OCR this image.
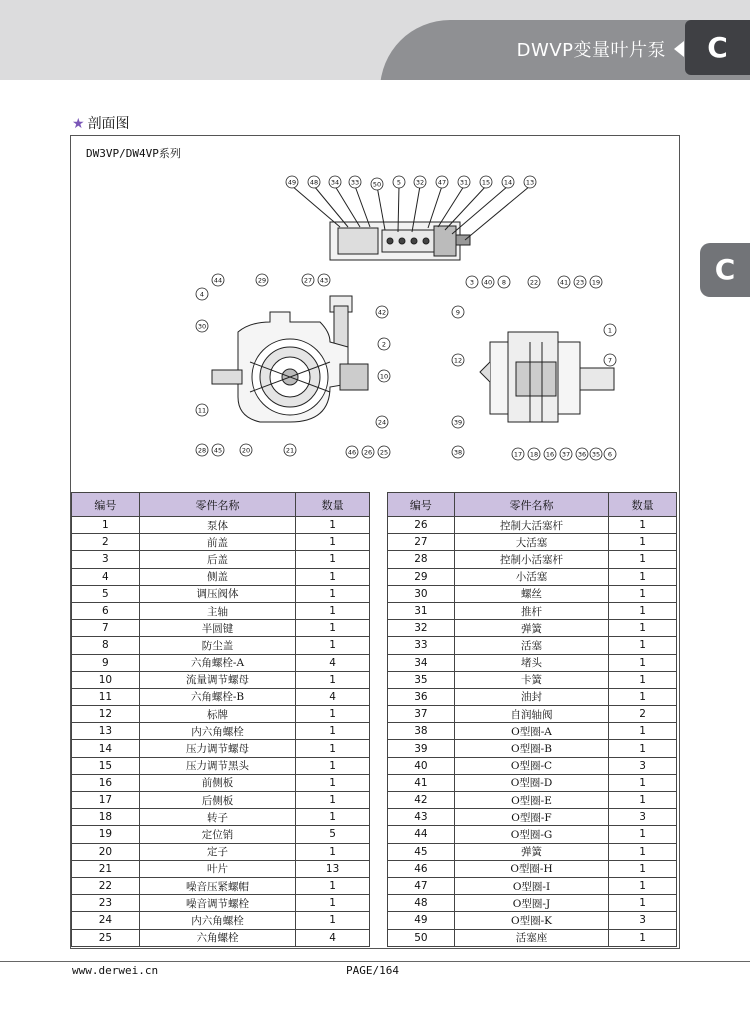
DWVP变量叶片泵	C
C
★ 剖面图
DW3VP/DW4VP系列
49 48 34 33 50 5 32 47 31 15 14 13
44	29	27 43
4
30
42
2
10
11
24
28 45	20	21	46 26 25
3 40 8	22	41 23 19
9
1
12	7
39
38	17 18 16 37 36 35 6
编号	零件名称	数量
1	泵体	1
2	前盖	1
3	后盖	1
4	侧盖	1
5	调压阀体	1
6	主轴	1
7	半圆键	1
8	防尘盖	1
9	六角螺栓-A	4
10	流量调节螺母	1
11	六角螺栓-B	4
12	标牌	1
13	内六角螺栓	1
14	压力调节螺母	1
15	压力调节黑头	1
16	前侧板	1
17	后侧板	1
18	转子	1
19	定位销	5
20	定子	1
21	叶片	13
22	噪音压紧螺帽	1
23	噪音调节螺栓	1
24	内六角螺栓	1
25	六角螺栓	4
编号	零件名称	数量
26	控制大活塞杆	1
27	大活塞	1
28	控制小活塞杆	1
29	小活塞	1
30	螺丝	1
31	推杆	1
32	弹簧	1
33	活塞	1
34	堵头	1
35	卡簧	1
36	油封	1
37	自润轴阀	2
38	O型圈-A	1
39	O型圈-B	1
40	O型圈-C	3
41	O型圈-D	1
42	O型圈-E	1
43	O型圈-F	3
44	O型圈-G	1
45	弹簧	1
46	O型圈-H	1
47	O型圈-I	1
48	O型圈-J	1
49	O型圈-K	3
50	活塞座	1
www.derwei.cn	PAGE/164
